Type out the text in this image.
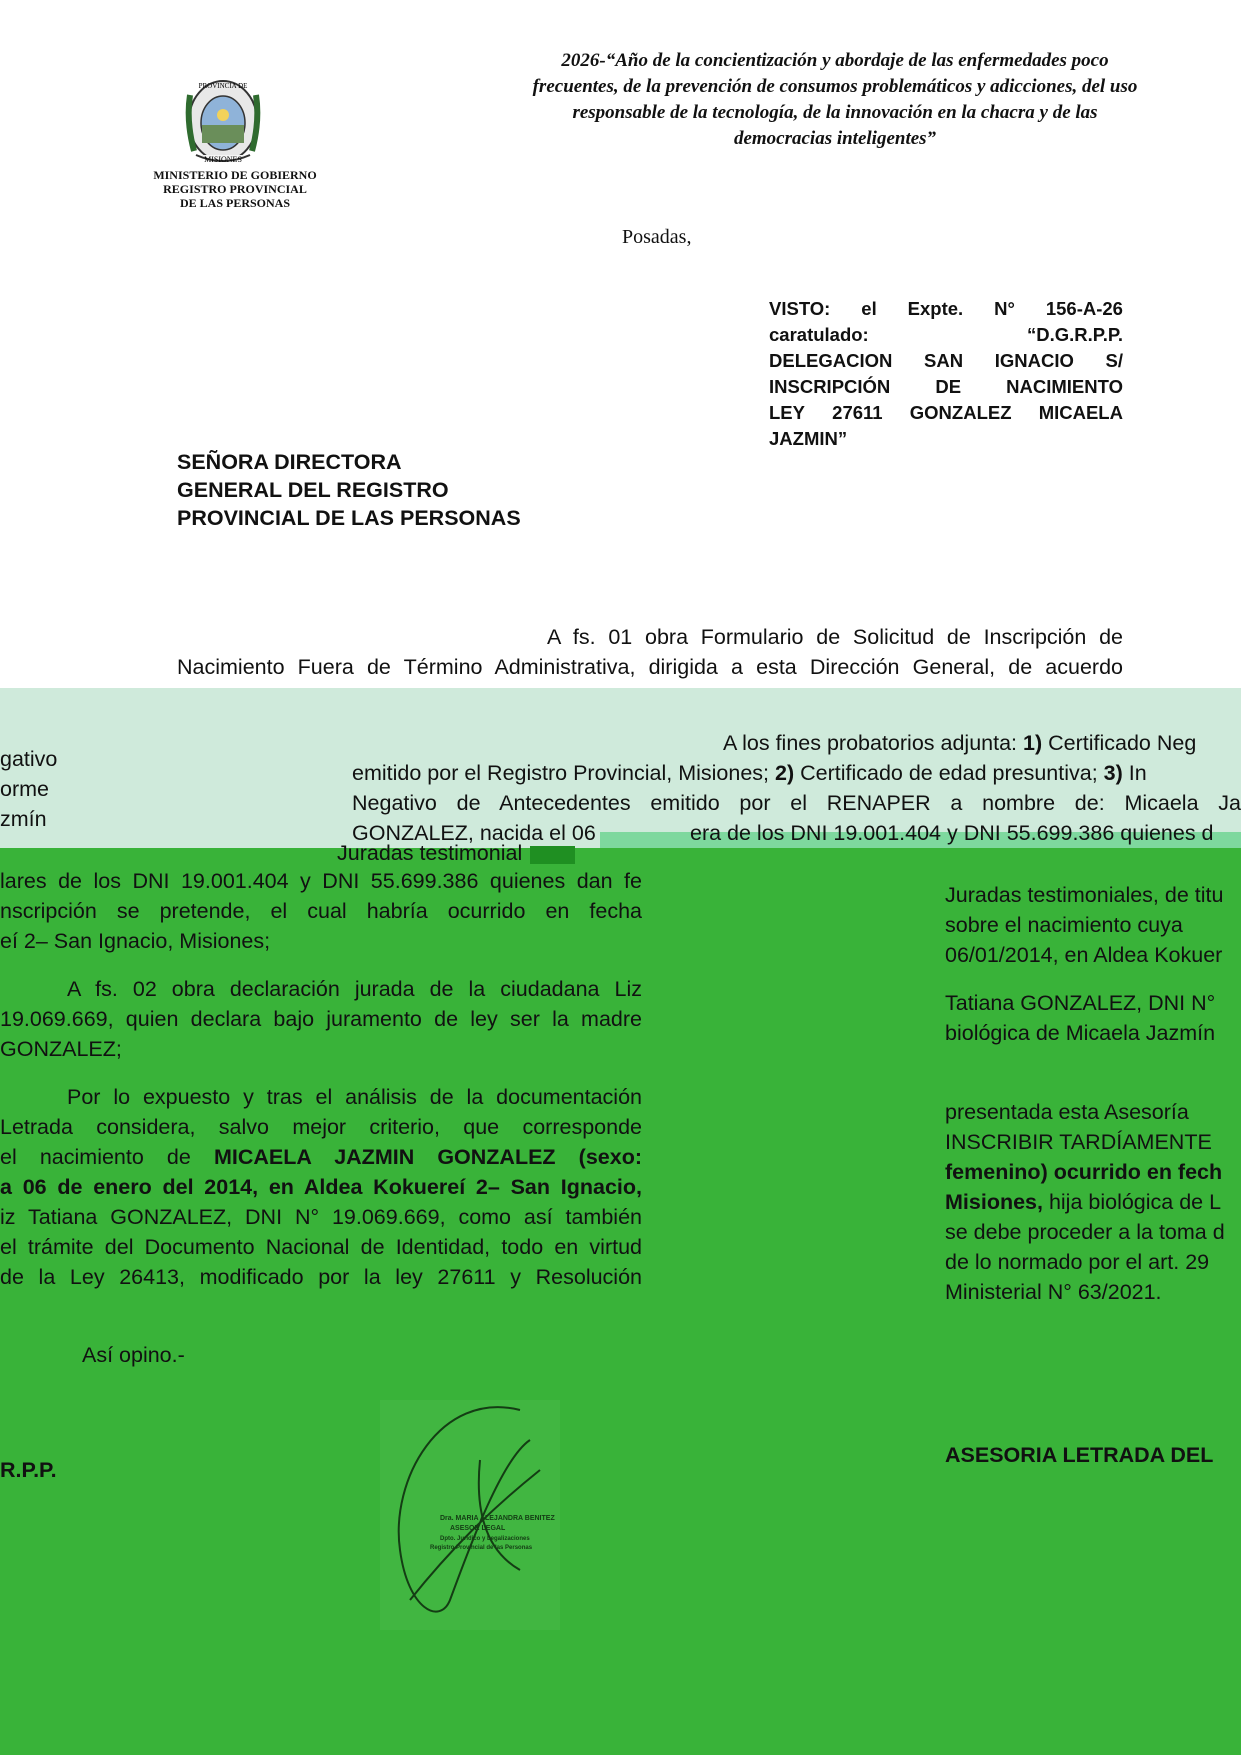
PROVINCIA DE
MISIONES
MINISTERIO DE GOBIERNO
REGISTRO PROVINCIAL
DE LAS PERSONAS
2026-“Año de la concientización y abordaje de las enfermedades poco
frecuentes, de la prevención de consumos problemáticos y adicciones, del uso
responsable de la tecnología, de la innovación en la chacra y de las
democracias inteligentes”
Posadas,
VISTO: el Expte. N° 156-A-26
caratulado:	“D.G.R.P.P.
DELEGACION SAN IGNACIO S/
INSCRIPCIÓN DE NACIMIENTO
LEY 27611 GONZALEZ MICAELA
JAZMIN”
SEÑORA DIRECTORA
GENERAL DEL REGISTRO
PROVINCIAL DE LAS PERSONAS
A fs. 01 obra Formulario de Solicitud de Inscripción de
Nacimiento Fuera de Término Administrativa, dirigida a esta Dirección General, de acuerdo
gativo
orme
zmín
A los fines probatorios adjunta: 1) Certificado Neg
emitido por el Registro Provincial, Misiones; 2) Certificado de edad presuntiva; 3) In
Negativo de Antecedentes emitido por el RENAPER a nombre de: Micaela Ja
GONZALEZ, nacida el 06	era de los DNI 19.001.404 y DNI 55.699.386 quienes d
Juradas testimonial
lares de los DNI 19.001.404 y DNI 55.699.386 quienes dan fe
nscripción se pretende, el cual habría ocurrido en fecha
eí 2– San Ignacio, Misiones;
A fs. 02 obra declaración jurada de la ciudadana Liz
19.069.669, quien declara bajo juramento de ley ser la madre
GONZALEZ;
Por lo expuesto y tras el análisis de la documentación
Letrada considera, salvo mejor criterio, que corresponde
el nacimiento de MICAELA JAZMIN GONZALEZ (sexo:
a 06 de enero del 2014, en Aldea Kokuereí 2– San Ignacio,
iz Tatiana GONZALEZ, DNI N° 19.069.669, como así también
el trámite del Documento Nacional de Identidad, todo en virtud
de la Ley 26413, modificado por la ley 27611 y Resolución
Así opino.-
R.P.P.
Dra. MARIA ALEJANDRA BENITEZ
ASESOR LEGAL
Dpto. Jurídico y Legalizaciones
Registro Provincial de las Personas
Juradas testimoniales, de titu
sobre el nacimiento cuya
06/01/2014, en Aldea Kokuer
Tatiana GONZALEZ, DNI N°
biológica de Micaela Jazmín
presentada esta Asesoría
INSCRIBIR TARDÍAMENTE
femenino) ocurrido en fech
Misiones, hija biológica de L
se debe proceder a la toma d
de lo normado por el art. 29
Ministerial N° 63/2021.
ASESORIA LETRADA DEL
